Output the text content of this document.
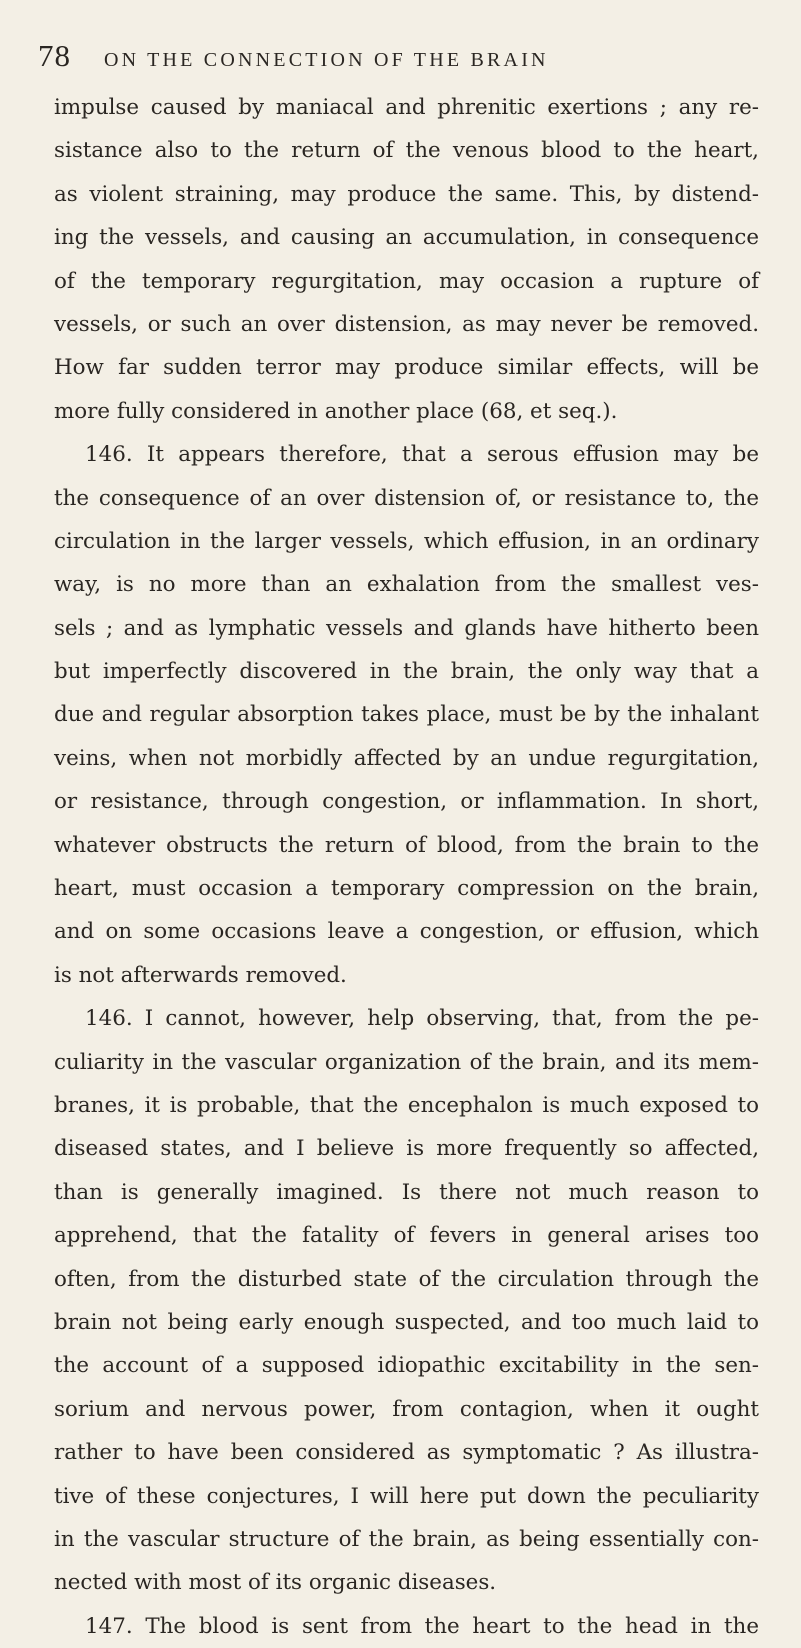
78	ON THE CONNECTION OF THE BRAIN
impulse caused by maniacal and phrenitic exertions ; any re-
sistance also to the return of the venous blood to the heart,
as violent straining, may produce the same. This, by distend-
ing the vessels, and causing an accumulation, in consequence
of the temporary regurgitation, may occasion a rupture of
vessels, or such an over distension, as may never be removed.
How far sudden terror may produce similar effects, will be
more fully considered in another place (68, et seq.).
146. It appears therefore, that a serous effusion may be
the consequence of an over distension of, or resistance to, the
circulation in the larger vessels, which effusion, in an ordinary
way, is no more than an exhalation from the smallest ves-
sels ; and as lymphatic vessels and glands have hitherto been
but imperfectly discovered in the brain, the only way that a
due and regular absorption takes place, must be by the inhalant
veins, when not morbidly affected by an undue regurgitation,
or resistance, through congestion, or inflammation. In short,
whatever obstructs the return of blood, from the brain to the
heart, must occasion a temporary compression on the brain,
and on some occasions leave a congestion, or effusion, which
is not afterwards removed.
146. I cannot, however, help observing, that, from the pe-
culiarity in the vascular organization of the brain, and its mem-
branes, it is probable, that the encephalon is much exposed to
diseased states, and I believe is more frequently so affected,
than is generally imagined. Is there not much reason to
apprehend, that the fatality of fevers in general arises too
often, from the disturbed state of the circulation through the
brain not being early enough suspected, and too much laid to
the account of a supposed idiopathic excitability in the sen-
sorium and nervous power, from contagion, when it ought
rather to have been considered as symptomatic ? As illustra-
tive of these conjectures, I will here put down the peculiarity
in the vascular structure of the brain, as being essentially con-
nected with most of its organic diseases.
147. The blood is sent from the heart to the head in the
